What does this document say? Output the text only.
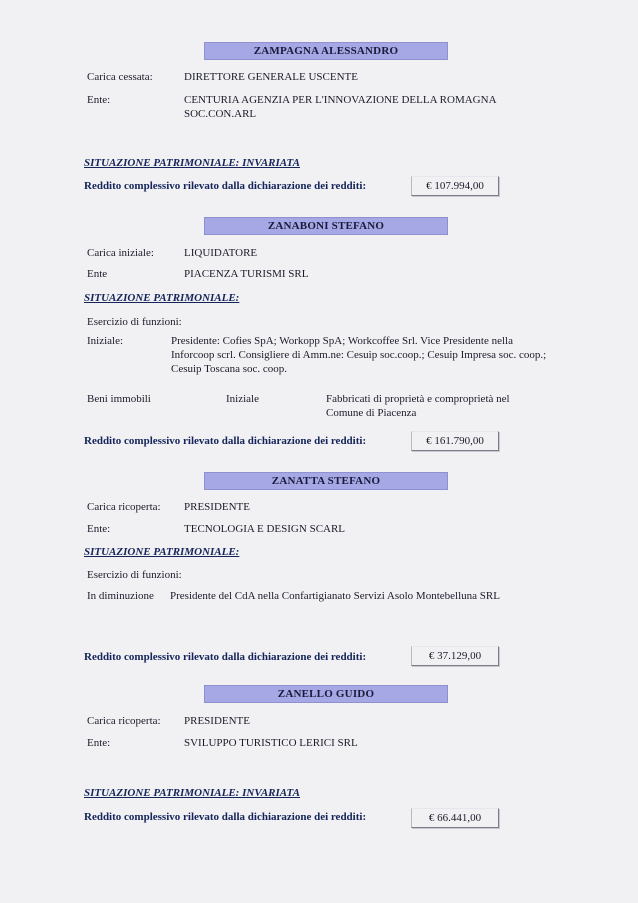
ZAMPAGNA ALESSANDRO
Carica cessata:	DIRETTORE GENERALE USCENTE
Ente:	CENTURIA AGENZIA PER L'INNOVAZIONE DELLA ROMAGNA SOC.CON.ARL
SITUAZIONE PATRIMONIALE: INVARIATA
Reddito complessivo rilevato dalla dichiarazione dei redditi:	€ 107.994,00
ZANABONI STEFANO
Carica iniziale:	LIQUIDATORE
Ente	PIACENZA TURISMI SRL
SITUAZIONE PATRIMONIALE:
Esercizio di funzioni:
Iniziale:	Presidente: Cofies SpA; Workopp SpA; Workcoffee Srl. Vice Presidente nella Inforcoop scrl. Consigliere di Amm.ne: Cesuip soc.coop.; Cesuip Impresa soc. coop.; Cesuip Toscana soc. coop.
Beni immobili	Iniziale	Fabbricati di proprietà e comproprietà nel Comune di Piacenza
Reddito complessivo rilevato dalla dichiarazione dei redditi:	€ 161.790,00
ZANATTA STEFANO
Carica ricoperta: PRESIDENTE
Ente:	TECNOLOGIA E DESIGN SCARL
SITUAZIONE PATRIMONIALE:
Esercizio di funzioni:
In diminuzione Presidente del CdA nella Confartigianato Servizi Asolo Montebelluna SRL
Reddito complessivo rilevato dalla dichiarazione dei redditi:	€ 37.129,00
ZANELLO GUIDO
Carica ricoperta: PRESIDENTE
Ente:	SVILUPPO TURISTICO LERICI SRL
SITUAZIONE PATRIMONIALE: INVARIATA
Reddito complessivo rilevato dalla dichiarazione dei redditi:	€ 66.441,00
